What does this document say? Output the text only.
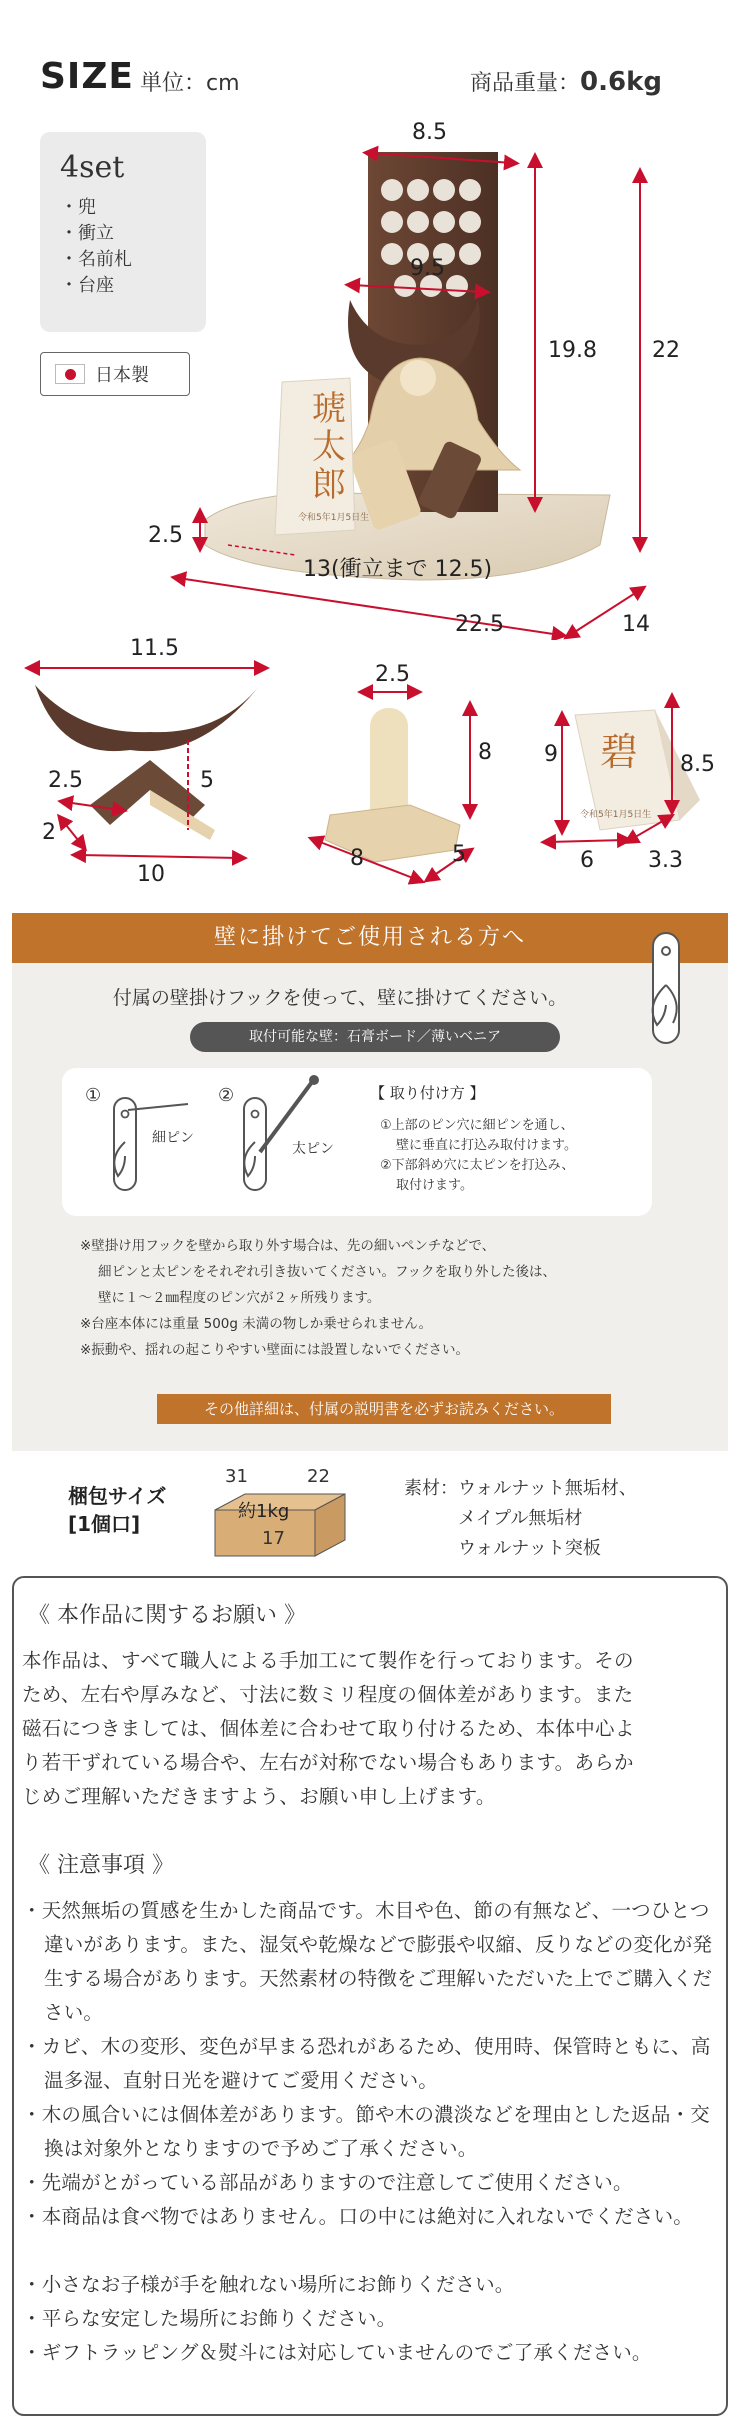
SIZE 単位：cm	商品重量：0.6kg
4set
・兜
・衝立
・名前札
・台座
日本製
琥
太
郎
令和5年1月5日生
8.5
9.5
19.8	22
2.5
13(衝立まで 12.5)
22.5	14
碧
11.5
2.5
2
5
10
2.5
8
8	5
令和5年1月5日生
9	8.5
6 3.3
壁に掛けてご使用される方へ
付属の壁掛けフックを使って、壁に掛けてください。
取付可能な壁：石膏ボード／薄いベニア
①
細ピン
②
太ピン
【 取り付け方 】
①上部のピン穴に細ピンを通し、
壁に垂直に打込み取付けます。
②下部斜め穴に太ピンを打込み、
取付けます。
※壁掛け用フックを壁から取り外す場合は、先の細いペンチなどで、
細ピンと太ピンをそれぞれ引き抜いてください。フックを取り外した後は、
壁に１～２㎜程度のピン穴が２ヶ所残ります。
※台座本体には重量 500g 未満の物しか乗せられません。
※振動や、揺れの起こりやすい壁面には設置しないでください。
その他詳細は、付属の説明書を必ずお読みください。
梱包サイズ
[1個口]
31	22
約1kg
17
素材：ウォルナット無垢材、
メイプル無垢材
ウォルナット突板
《 本作品に関するお願い 》
本作品は、すべて職人による手加工にて製作を行っております。その
ため、左右や厚みなど、寸法に数ミリ程度の個体差があります。また
磁石につきましては、個体差に合わせて取り付けるため、本体中心よ
り若干ずれている場合や、左右が対称でない場合もあります。あらか
じめご理解いただきますよう、お願い申し上げます。
《 注意事項 》
・天然無垢の質感を生かした商品です。木目や色、節の有無など、一つひとつ違いがあります。また、湿気や乾燥などで膨張や収縮、反りなどの変化が発生する場合があります。天然素材の特徴をご理解いただいた上でご購入ください。
・カビ、木の変形、変色が早まる恐れがあるため、使用時、保管時ともに、高温多湿、直射日光を避けてご愛用ください。
・木の風合いには個体差があります。節や木の濃淡などを理由とした返品・交換は対象外となりますので予めご了承ください。
・先端がとがっている部品がありますので注意してご使用ください。
・本商品は食べ物ではありません。口の中には絶対に入れないでください。
・小さなお子様が手を触れない場所にお飾りください。
・平らな安定した場所にお飾りください。
・ギフトラッピング＆熨斗には対応していませんのでご了承ください。
